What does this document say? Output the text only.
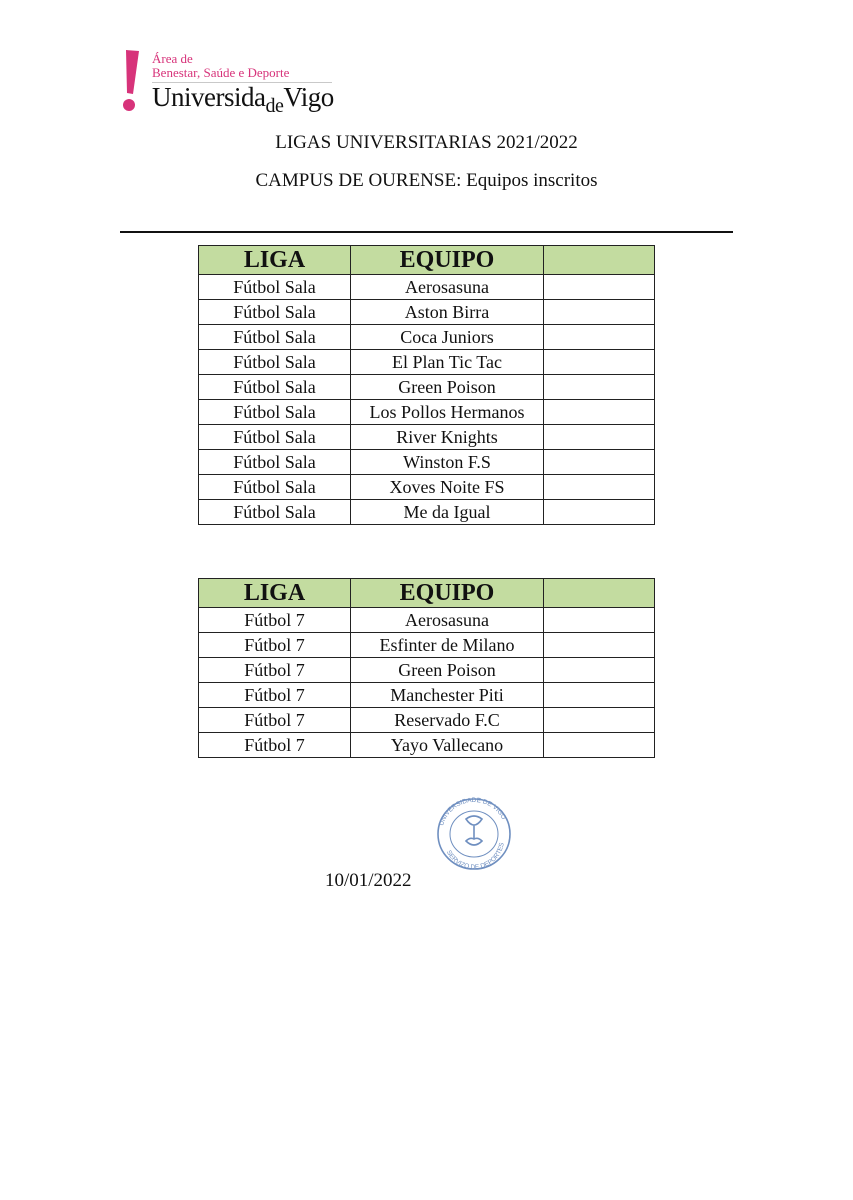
Área de
Benestar, Saúde e Deporte
Universida$_{de}$Vigo
LIGAS UNIVERSITARIAS 2021/2022
CAMPUS DE OURENSE: Equipos inscritos
LIGA	EQUIPO	
Fútbol Sala	Aerosasuna	
Fútbol Sala	Aston Birra	
Fútbol Sala	Coca Juniors	
Fútbol Sala	El Plan Tic Tac	
Fútbol Sala	Green Poison	
Fútbol Sala	Los Pollos Hermanos	
Fútbol Sala	River Knights	
Fútbol Sala	Winston F.S	
Fútbol Sala	Xoves Noite FS	
Fútbol Sala	Me da Igual	
LIGA	EQUIPO	
Fútbol 7	Aerosasuna	
Fútbol 7	Esfinter de Milano	
Fútbol 7	Green Poison	
Fútbol 7	Manchester Piti	
Fútbol 7	Reservado F.C	
Fútbol 7	Yayo Vallecano	
UNIVERSIDADE DE VIGO
SERVIZO DE DEPORTES
10/01/2022
